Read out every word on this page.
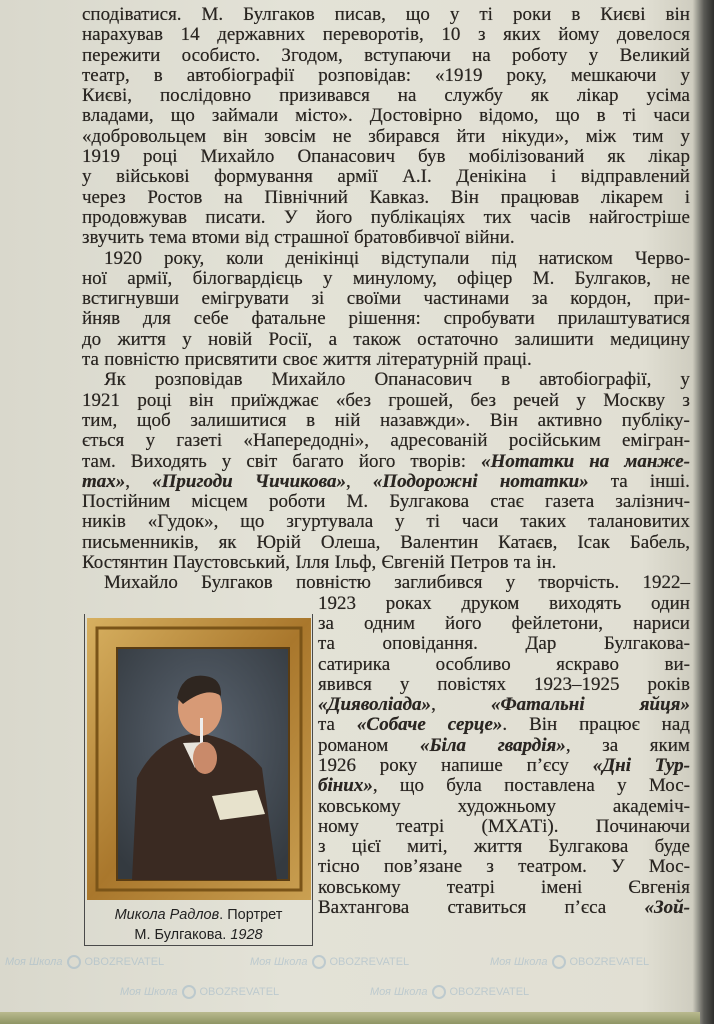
сподіватися. М. Булгаков писав, що у ті роки в Києві він
нарахував 14 державних переворотів, 10 з яких йому довелося
пережити особисто. Згодом, вступаючи на роботу у Великий
театр, в автобіографії розповідав: «1919 року, мешкаючи у
Києві, послідовно призивався на службу як лікар усіма
владами, що займали місто». Достовірно відомо, що в ті часи
«добровольцем він зовсім не збирався йти нікуди», між тим у
1919 році Михайло Опанасович був мобілізований як лікар
у військові формування армії А.І. Денікіна і відправлений
через Ростов на Північний Кавказ. Він працював лікарем і
продовжував писати. У його публікаціях тих часів найгостріше
звучить тема втоми від страшної братовбивчої війни.
1920 року, коли денікінці відступали під натиском Черво-
ної армії, білогвардієць у минулому, офіцер М. Булгаков, не
встигнувши емігрувати зі своїми частинами за кордон, при-
йняв для себе фатальне рішення: спробувати прилаштуватися
до життя у новій Росії, а також остаточно залишити медицину
та повністю присвятити своє життя літературній праці.
Як розповідав Михайло Опанасович в автобіографії, у
1921 році він приїжджає «без грошей, без речей у Москву з
тим, щоб залишитися в ній назавжди». Він активно публіку-
ється у газеті «Напередодні», адресованій російським емігран-
там. Виходять у світ багато його творів: «Нотатки на манже-
тах», «Пригоди Чичикова», «Подорожні нотатки» та інші.
Постійним місцем роботи М. Булгакова стає газета залізнич-
ників «Гудок», що згуртувала у ті часи таких талановитих
письменників, як Юрій Олеша, Валентин Катаєв, Ісак Бабель,
Костянтин Паустовський, Ілля Ільф, Євгеній Петров та ін.
Михайло Булгаков повністю заглибився у творчість. 1922–
1923 роках друком виходять один
за одним його фейлетони, нариси
та	оповідання.	Дар	Булгакова-
сатирика особливо яскраво ви-
явився у повістях 1923–1925 років
«Дияволіада»,	«Фатальні	яйця»
та «Собаче серце». Він працює над
романом «Біла гвардія», за яким
1926 року напише п’єсу «Дні Тур-
біних», що була поставлена у Мос-
ковському	художньому	академіч-
ному театрі (МХАТі). Починаючи
з цієї миті, життя Булгакова буде
тісно пов’язане з театром. У Мос-
ковському театрі імені Євгенія
Вахтангова ставиться п’єса «Зой-
Микола Радлов. Портрет
М. Булгакова. 1928
Моя Школа OBOZREVATEL	Моя Школа OBOZREVATEL	Моя Школа OBOZREVATEL
Моя Школа OBOZREVATEL	Моя Школа OBOZREVATEL
